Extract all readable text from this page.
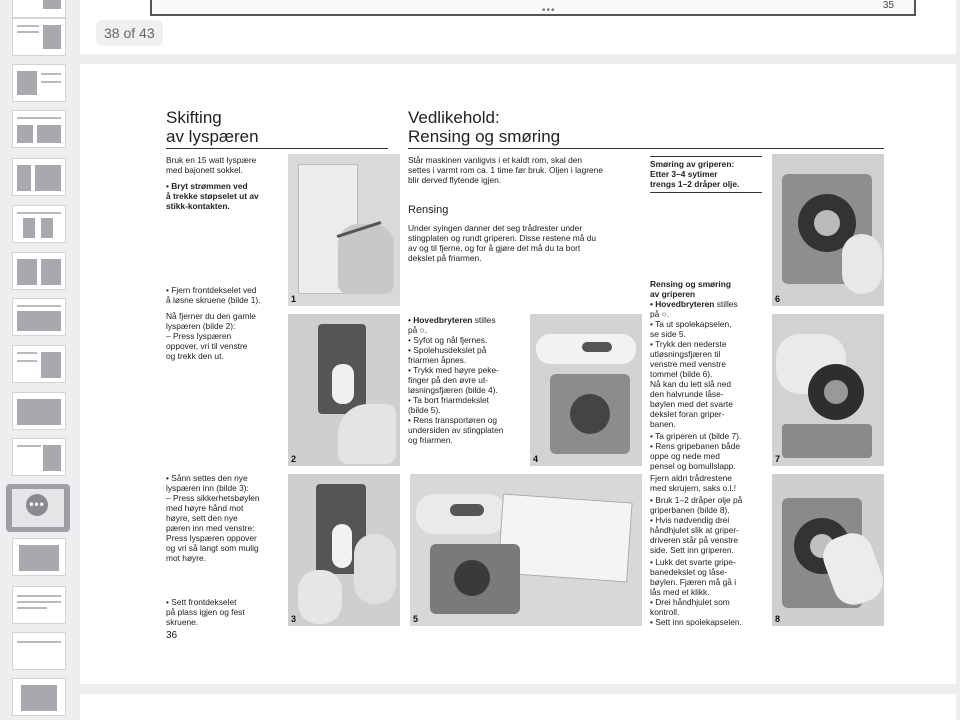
•••
•••	35
38 of 43
Skifting
av lyspæren
Vedlikehold:
Rensing og smøring
Bruk en 15 watt lyspære
med bajonett sokkel.
• Bryt strømmen ved
å trekke støpselet ut av
stikk-kontakten.
• Fjern frontdekselet ved
å løsne skruene (bilde 1).
Nå fjerner du den gamle
lyspæren (bilde 2):
– Press lyspæren
oppover, vri til venstre
og trekk den ut.
• Sånn settes den nye
lyspæren inn (bilde 3):
– Press sikkerhetsbøylen
med høyre hånd mot
høyre, sett den nye
pæren inn med venstre:
Press lyspæren oppover
og vri så langt som mulig
mot høyre.
• Sett frontdekselet
på plass igjen og fest
skruene.
36
1
2
3
Står maskinen vanligvis i et kaldt rom, skal den
settes i varmt rom ca. 1 time før bruk. Oljen i lagrene
blir derved flytende igjen.
Rensing
Under syingen danner det seg trådrester under
stingplaten og rundt griperen. Disse restene må du
av og til fjerne, og for å gjøre det må du ta bort
dekslet på friarmen.
• Hovedbryteren stilles
på ○.
• Syfot og nål fjernes.
• Spolehusdekslet på
friarmen åpnes.
• Trykk med høyre peke-
finger på den øvre ut-
løsningsfjæren (bilde 4).
• Ta bort friarmdekslet
(bilde 5).
• Rens transportøren og
undersiden av stingplaten
og friarmen.
4
5
Smøring av griperen:
Etter 3–4 sytimer
trengs 1–2 dråper olje.
Rensing og smøring
av griperen
• Hovedbryteren stilles
på ○.
• Ta ut spolekapselen,
se side 5.
• Trykk den nederste
utløsningsfjæren til
venstre med venstre
tommel (bilde 6).
Nå kan du lett slå ned
den halvrunde låse-
bøylen med det svarte
dekslet foran griper-
banen.
• Ta griperen ut (bilde 7).
• Rens gripebanen både
oppe og nede med
pensel og bomullslapp.
Fjern aldri trådrestene
med skrujern, saks o.l.!
• Bruk 1–2 dråper olje på
griperbanen (bilde 8).
• Hvis nødvendig drei
håndhjulet slik at griper-
driveren står på venstre
side. Sett inn griperen.
• Lukk det svarte gripe-
banedekslet og låse-
bøylen. Fjæren må gå i
lås med et klikk.
• Drei håndhjulet som
kontroll.
• Sett inn spolekapselen.
6
7
8
